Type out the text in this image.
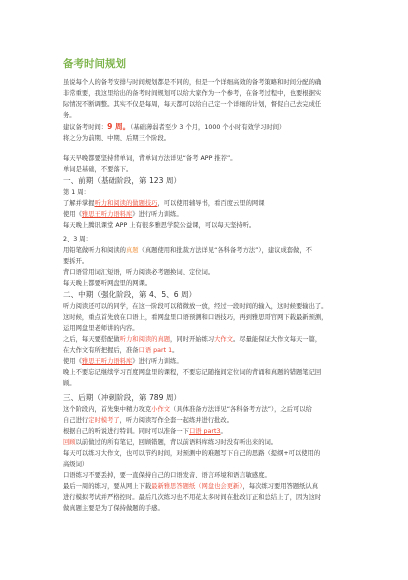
备考时间规划

虽说每个人的备考安排与时间规划都是不同的，但是一个详细高效的备考策略和时间分配的确

非常重要，我这里给出的备考时间规划可以给大家作为一个参考，在备考过程中，也要根据实

际情况不断调整。其实不仅是每周，每天都可以给自己定一个详细的计划，督促自己去完成任

务。

建议备考时间：9 周。（基础薄弱者至少 3 个月，1000 个小时有效学习时间）

将之分为前期、中期、后期三个阶段。

每天早晚都要坚持背单词，背单词方法详见“备考 APP 推荐”。

单词是基础，不要落下。

一、前期（基础阶段，第 123 周）

第 1 周：

了解并掌握听力和阅读的做题技巧，可以使用辅导书，看百度云里的网课

使用《雅思王听力语料库》进行听力训练。

每天晚上腾讯课堂 APP 上有很多雅思学院公益课，可以每天坚持听。

2、3 周：

用铅笔做听力和阅读的真题（真题使用和批裁方法详见“各科备考方法”），建议成套做，不

要拆开。

背口语常用词汇短语，听力阅读必考题换词、定位词。

每天晚上都要听网盘里的网课。

二、中期（强化阶段，第 4、5、6 周）

听力阅读还可以的同学，在这一阶段可以稍微放一放，经过一段时间的输入，这时候要输出了。

这时候，重点首先放在口语上，看网盘里口语预测和口语技巧，再到雅思哥官网下载最新预测，

运用网盘里老师讲的内容。

之后，每天要搭配做听力和阅读的真题，同时开始练习大作文。尽量能保证大作文每天一篇，

在大作文有所把握后，准备口语 part 1。

使用《雅思王听力语料库》进行听力训练。

晚上不要忘记继续学习百度网盘里的课程，不要忘记随拖间定位词的背诵和真题的错题笔记回

顾。

三、后期（冲刺阶段，第 789 周）

这个阶段内，首先集中精力攻克小作文（具体准备方法详见“各科备考方法”），之后可以给

自己进行定时模考了，听力阅读写作全套一起练并进行批改。

根据自己的听说进行特训。同时可以准备一下口语 part3。

回顾以前做过的所有笔记，回顾错题，背以前语料库练习时没有听出来的词。

每天可以练习大作文，也可以节约时间，对预测中的难题写下自己的思路（提纲+可以使用的

高级词）

口语练习不要丢掉，要一直保持自己的口语发音、语言环境和语言敏感度。

最后一周的练习，要从网上下载最新雅思答题纸（网盘也会更新），每次练习要用答题纸认真

进行模拟考试并严格控时。最后几次练习也不用花太多时间在批改订正和总结上了，因为这时

做真题主要是为了保持做题的手感。
